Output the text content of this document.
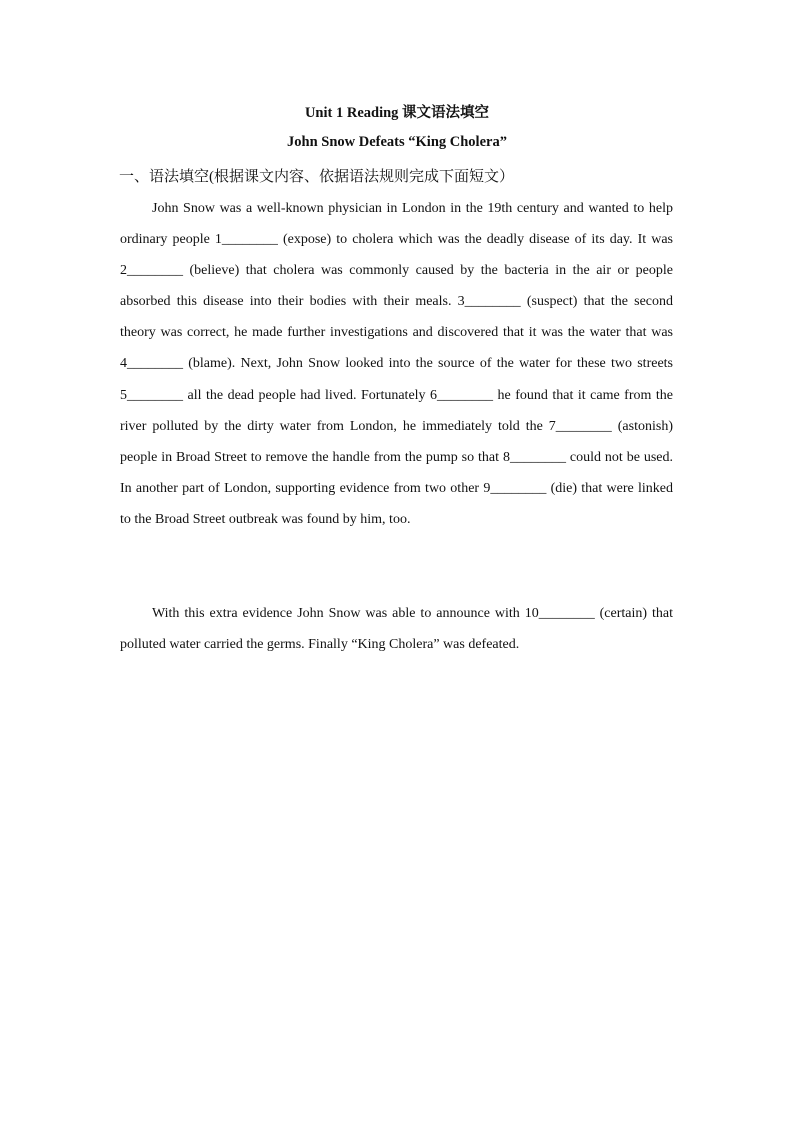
Unit 1 Reading 课文语法填空
John Snow Defeats “King Cholera”
一、语法填空(根据课文内容、依据语法规则完成下面短文）

John Snow was a well-known physician in London in the 19th century and wanted to help ordinary people 1________ (expose) to cholera which was the deadly disease of its day. It was 2________ (believe) that cholera was commonly caused by the bacteria in the air or people absorbed this disease into their bodies with their meals. 3________ (suspect) that the second theory was correct, he made further investigations and discovered that it was the water that was 4________ (blame). Next, John Snow looked into the source of the water for these two streets 5________ all the dead people had lived. Fortunately 6________ he found that it came from the river polluted by the dirty water from London, he immediately told the 7________ (astonish) people in Broad Street to remove the handle from the pump so that 8________ could not be used. In another part of London, supporting evidence from two other 9________ (die) that were linked to the Broad Street outbreak was found by him, too.

With this extra evidence John Snow was able to announce with 10________ (certain) that polluted water carried the germs. Finally “King Cholera” was defeated.
